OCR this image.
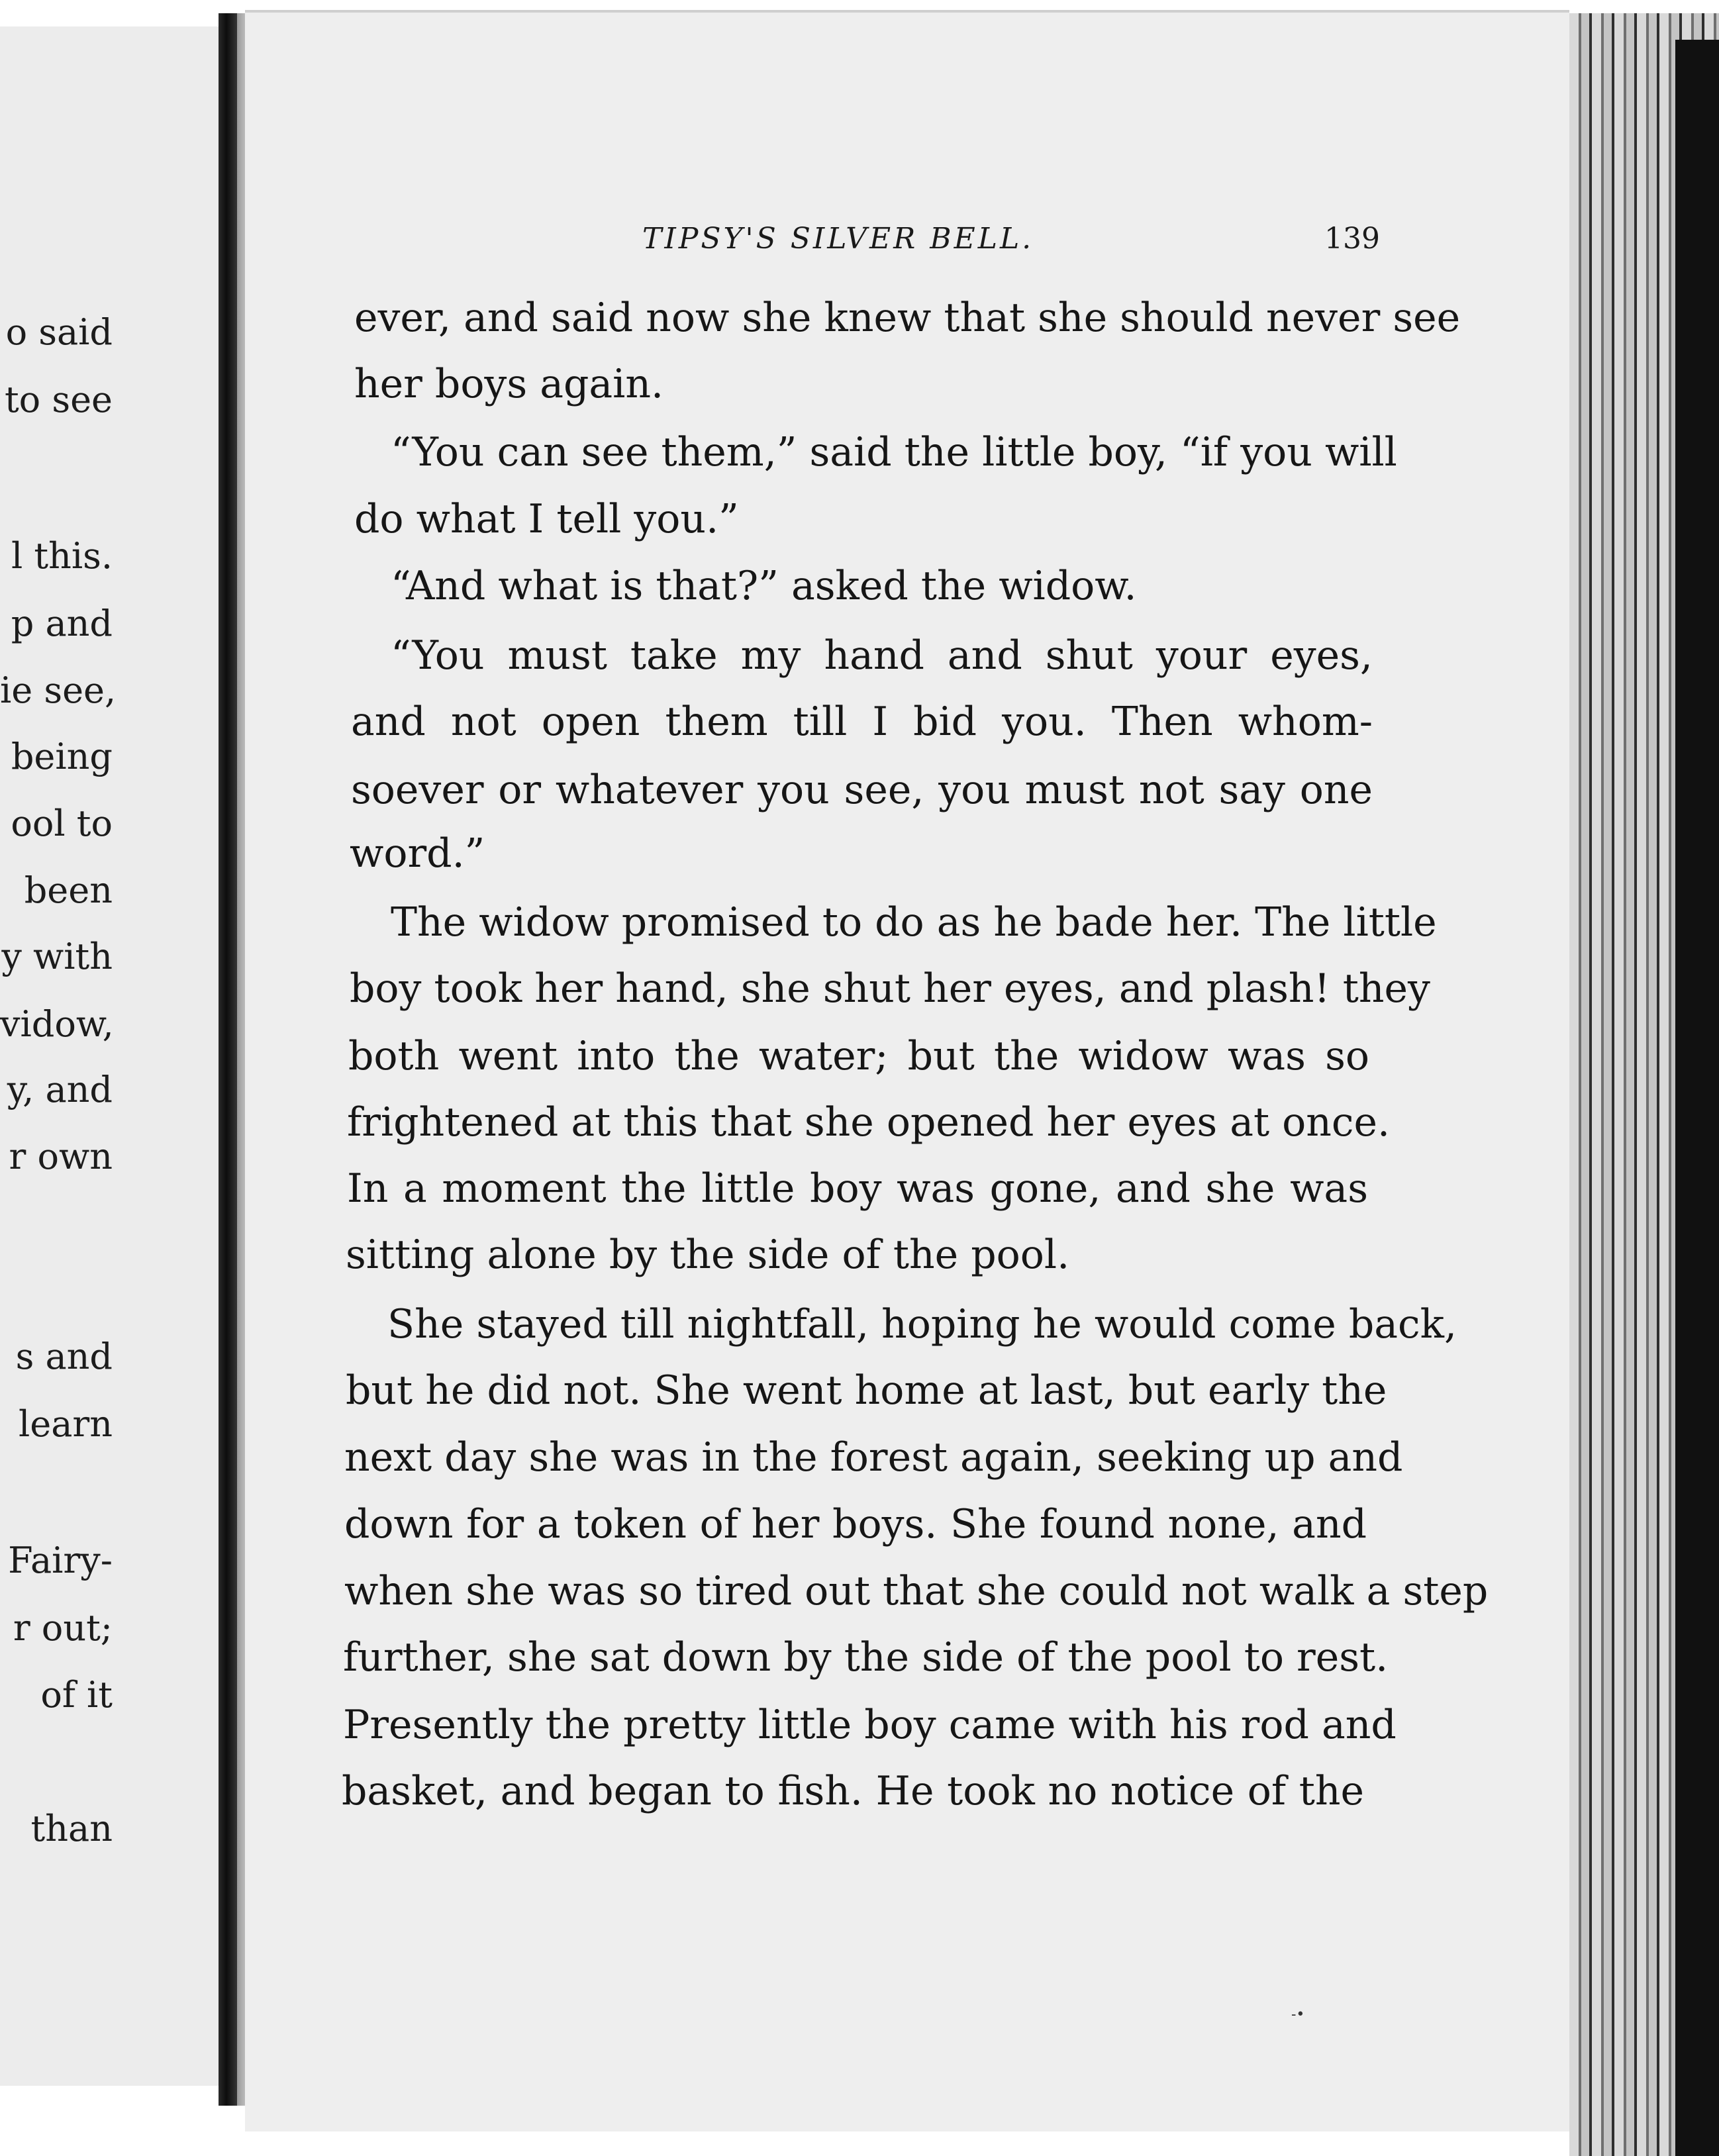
o said
to see
l this.
p and
ie see,
being
ool to
been
y with
vidow,
y, and
r own
s and
learn
Fairy-
r out;
of it
than
TIPSY'S SILVER BELL.	139
ever, and said now she knew that she should never see
her boys again.
“You can see them,” said the little boy, “if you will
do what I tell you.”
“And what is that?” asked the widow.
“You must take my hand and shut your eyes,
and not open them till I bid you. Then whom-
soever or whatever you see, you must not say one
word.”
The widow promised to do as he bade her. The little
boy took her hand, she shut her eyes, and plash! they
both went into the water; but the widow was so
frightened at this that she opened her eyes at once.
In a moment the little boy was gone, and she was
sitting alone by the side of the pool.
She stayed till nightfall, hoping he would come back,
but he did not. She went home at last, but early the
next day she was in the forest again, seeking up and
down for a token of her boys. She found none, and
when she was so tired out that she could not walk a step
further, she sat down by the side of the pool to rest.
Presently the pretty little boy came with his rod and
basket, and began to fish. He took no notice of the
-•
